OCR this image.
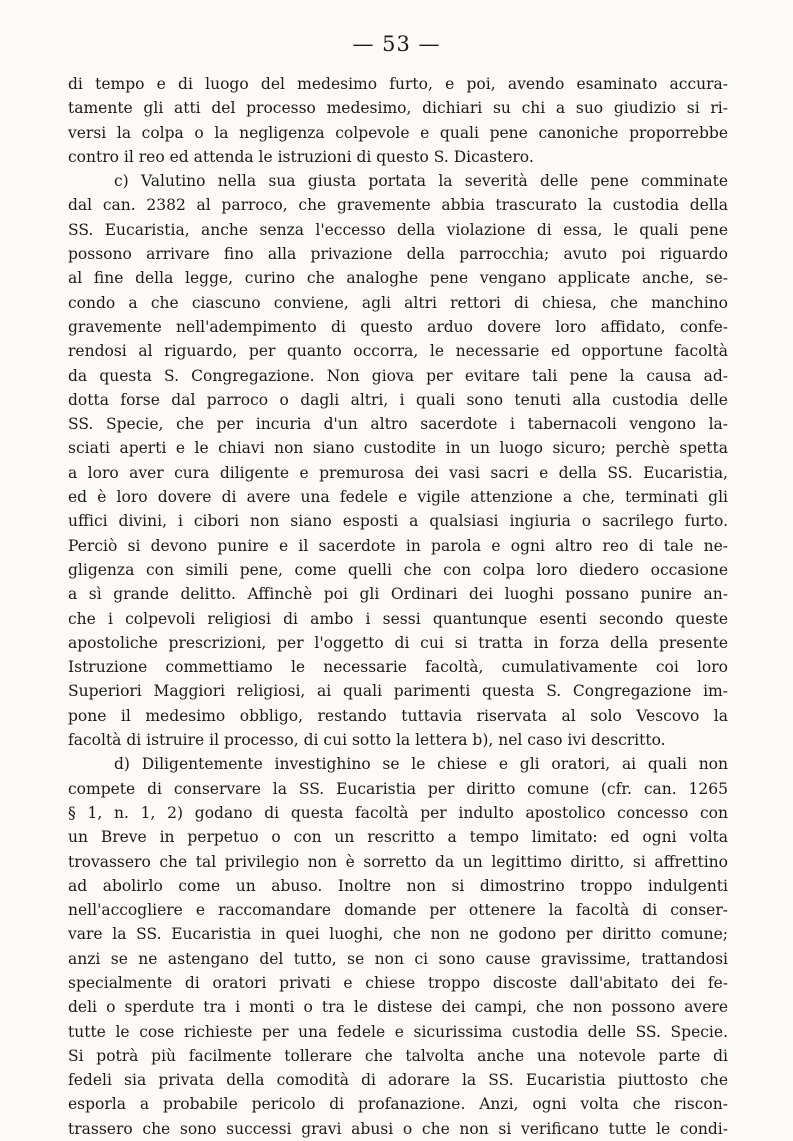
— 53 —
di tempo e di luogo del medesimo furto, e poi, avendo esaminato accura-
tamente gli atti del processo medesimo, dichiari su chi a suo giudizio si ri-
versi la colpa o la negligenza colpevole e quali pene canoniche proporrebbe
contro il reo ed attenda le istruzioni di questo S. Dicastero.
c) Valutino nella sua giusta portata la severità delle pene comminate
dal can. 2382 al parroco, che gravemente abbia trascurato la custodia della
SS. Eucaristia, anche senza l'eccesso della violazione di essa, le quali pene
possono arrivare fino alla privazione della parrocchia; avuto poi riguardo
al fine della legge, curino che analoghe pene vengano applicate anche, se-
condo a che ciascuno conviene, agli altri rettori di chiesa, che manchino
gravemente nell'adempimento di questo arduo dovere loro affidato, confe-
rendosi al riguardo, per quanto occorra, le necessarie ed opportune facoltà
da questa S. Congregazione. Non giova per evitare tali pene la causa ad-
dotta forse dal parroco o dagli altri, i quali sono tenuti alla custodia delle
SS. Specie, che per incuria d'un altro sacerdote i tabernacoli vengono la-
sciati aperti e le chiavi non siano custodite in un luogo sicuro; perchè spetta
a loro aver cura diligente e premurosa dei vasi sacri e della SS. Eucaristia,
ed è loro dovere di avere una fedele e vigile attenzione a che, terminati gli
uffici divini, i cibori non siano esposti a qualsiasi ingiuria o sacrilego furto.
Perciò si devono punire e il sacerdote in parola e ogni altro reo di tale ne-
gligenza con simili pene, come quelli che con colpa loro diedero occasione
a sì grande delitto. Affinchè poi gli Ordinari dei luoghi possano punire an-
che i colpevoli religiosi di ambo i sessi quantunque esenti secondo queste
apostoliche prescrizioni, per l'oggetto di cui si tratta in forza della presente
Istruzione commettiamo le necessarie facoltà, cumulativamente coi loro
Superiori Maggiori religiosi, ai quali parimenti questa S. Congregazione im-
pone il medesimo obbligo, restando tuttavia riservata al solo Vescovo la
facoltà di istruire il processo, di cui sotto la lettera b), nel caso ivi descritto.
d) Diligentemente investighino se le chiese e gli oratori, ai quali non
compete di conservare la SS. Eucaristia per diritto comune (cfr. can. 1265
§ 1, n. 1, 2) godano di questa facoltà per indulto apostolico concesso con
un Breve in perpetuo o con un rescritto a tempo limitato: ed ogni volta
trovassero che tal privilegio non è sorretto da un legittimo diritto, si affrettino
ad abolirlo come un abuso. Inoltre non si dimostrino troppo indulgenti
nell'accogliere e raccomandare domande per ottenere la facoltà di conser-
vare la SS. Eucaristia in quei luoghi, che non ne godono per diritto comune;
anzi se ne astengano del tutto, se non ci sono cause gravissime, trattandosi
specialmente di oratori privati e chiese troppo discoste dall'abitato dei fe-
deli o sperdute tra i monti o tra le distese dei campi, che non possono avere
tutte le cose richieste per una fedele e sicurissima custodia delle SS. Specie.
Si potrà più facilmente tollerare che talvolta anche una notevole parte di
fedeli sia privata della comodità di adorare la SS. Eucaristia piuttosto che
esporla a probabile pericolo di profanazione. Anzi, ogni volta che riscon-
trassero che sono successi gravi abusi o che non si verificano tutte le condi-
